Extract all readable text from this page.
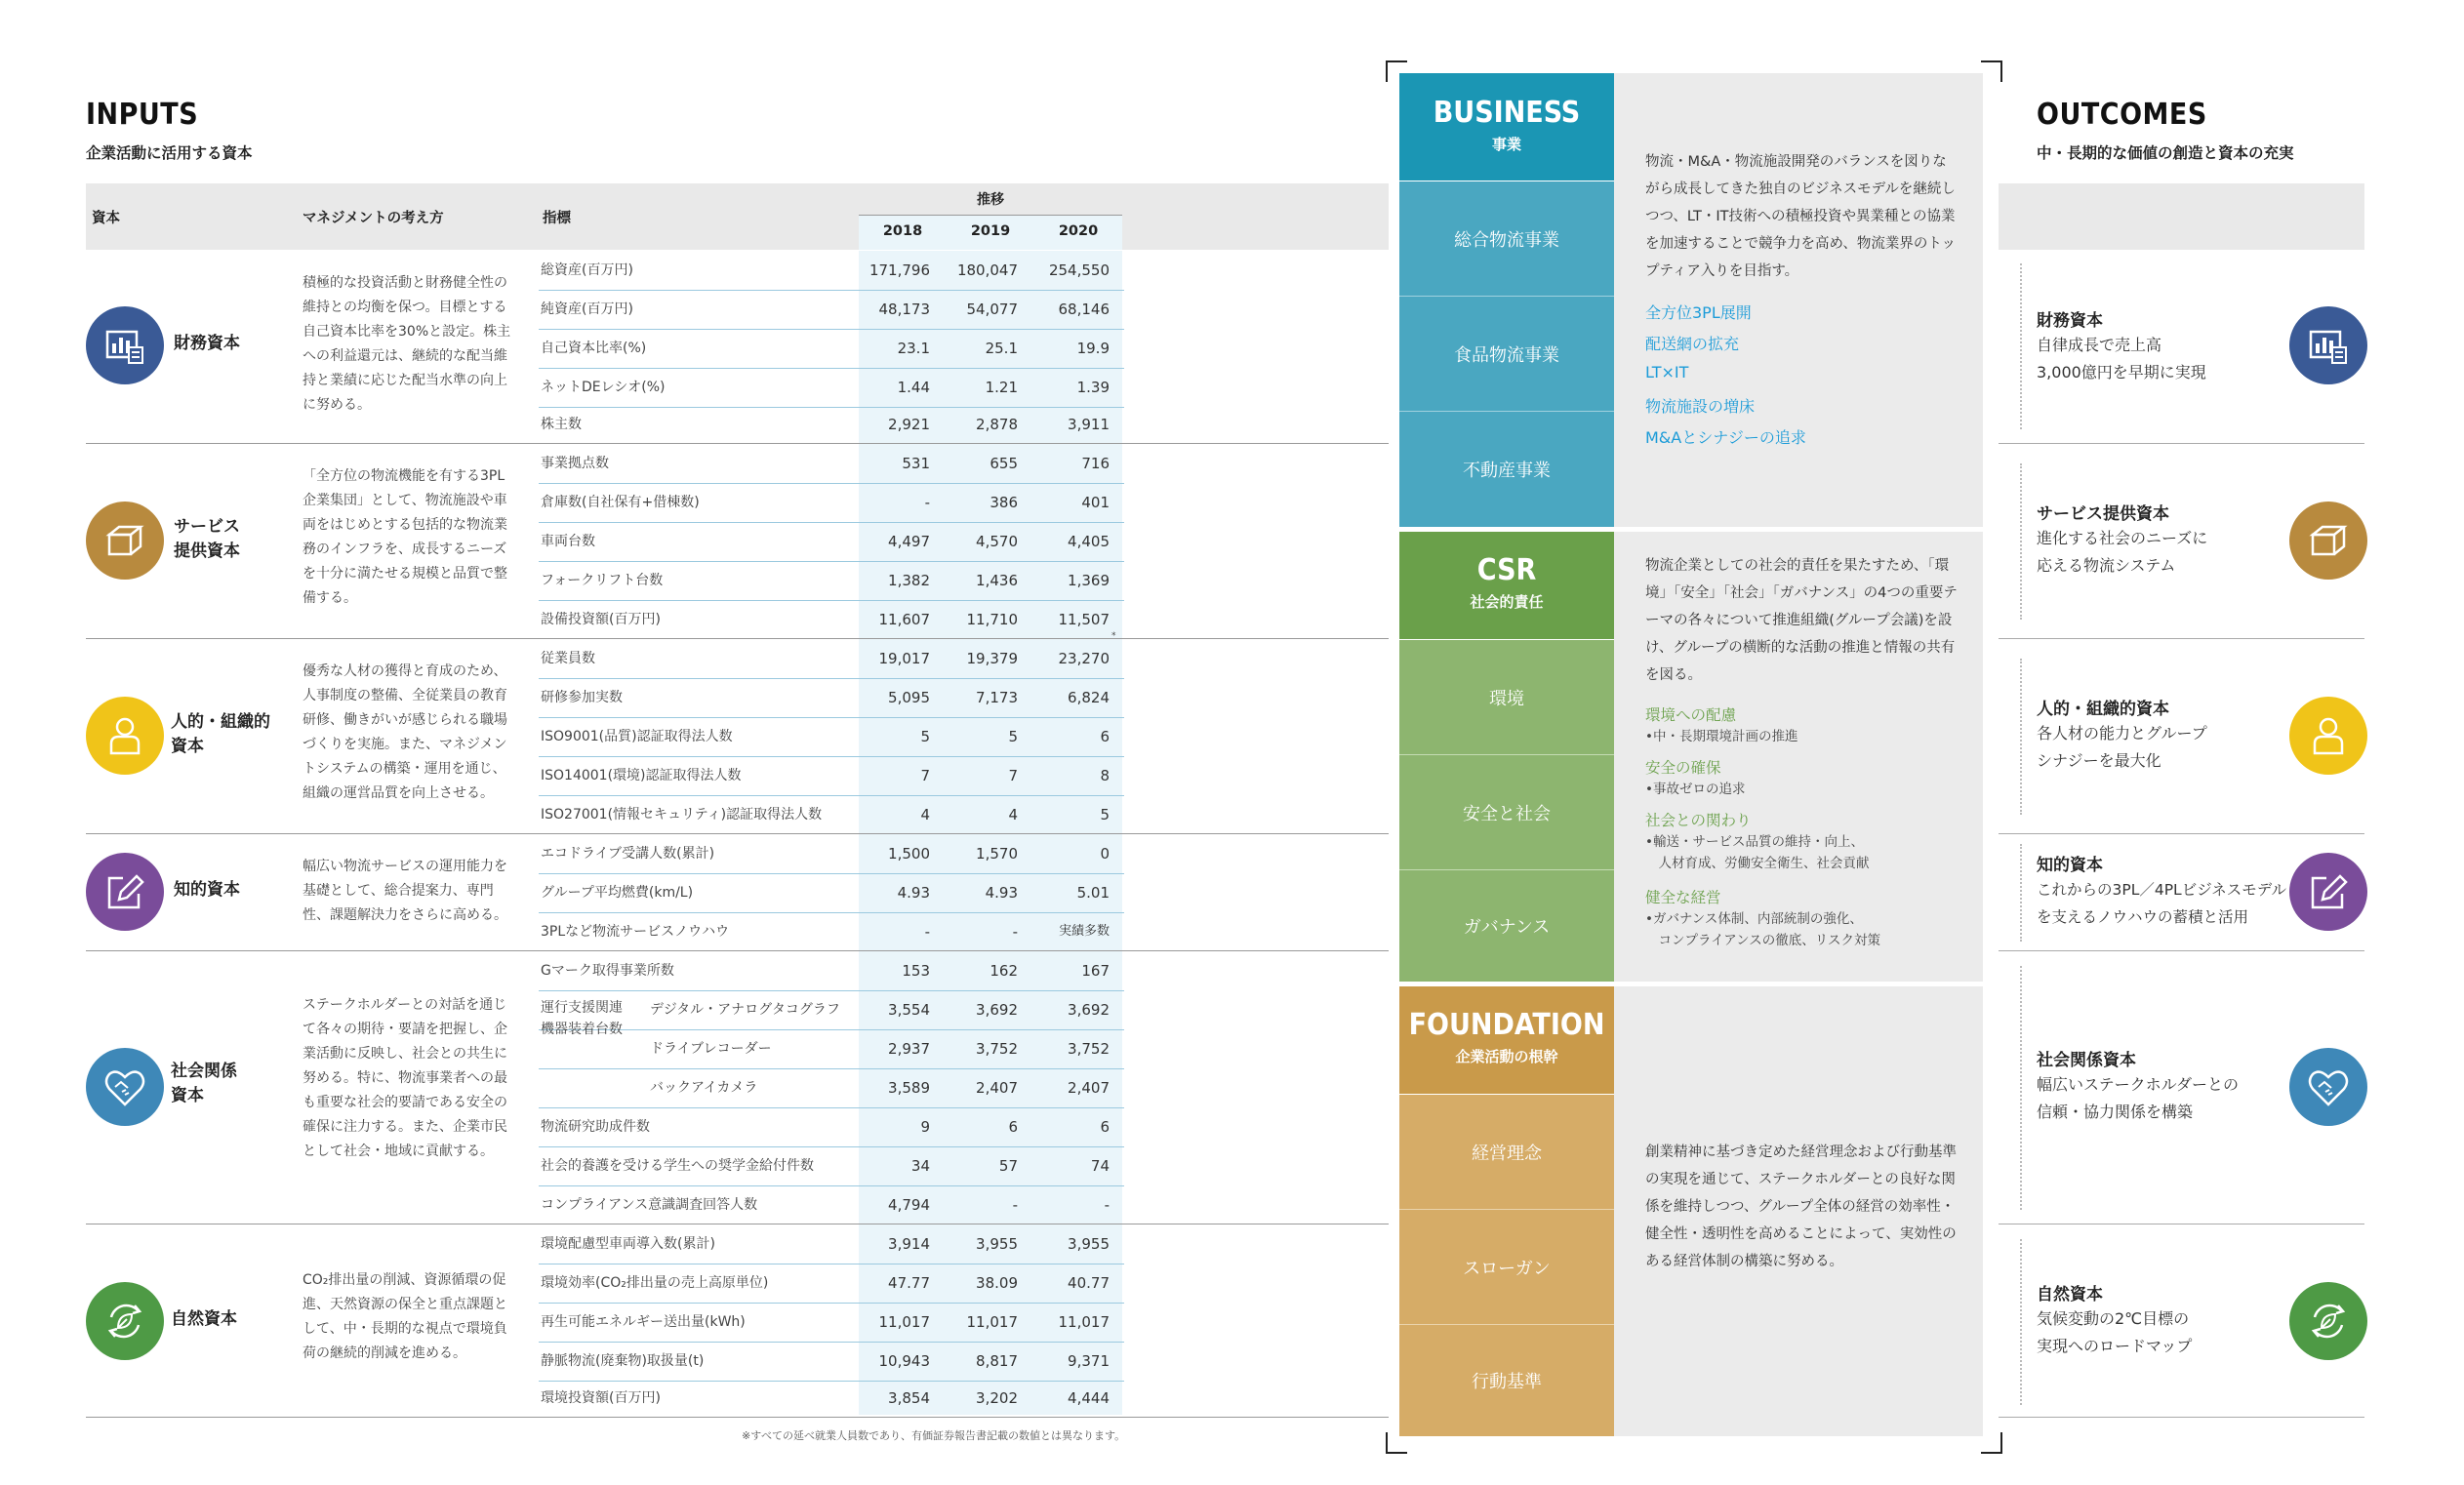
INPUTS
企業活動に活用する資本
資本	マネジメントの考え方	指標
推移
2018	2019	2020
財務資本
積極的な投資活動と財務健全性の維持との均衡を保つ。目標とする自己資本比率を30%と設定。株主への利益還元は、継続的な配当維持と業績に応じた配当水準の向上に努める。
総資産(百万円)	171,796	180,047	254,550
純資産(百万円)	48,173	54,077	68,146
自己資本比率(%)	23.1	25.1	19.9
ネットDEレシオ(%)	1.44	1.21	1.39
株主数	2,921	2,878	3,911
サービス
提供資本
「全方位の物流機能を有する3PL企業集団」として、物流施設や車両をはじめとする包括的な物流業務のインフラを、成長するニーズを十分に満たせる規模と品質で整備する。
事業拠点数	531	655	716
倉庫数(自社保有+借棟数)	-	386	401
車両台数	4,497	4,570	4,405
フォークリフト台数	1,382	1,436	1,369
設備投資額(百万円)	11,607	11,710	11,507
人的・組織的
資本
優秀な人材の獲得と育成のため、人事制度の整備、全従業員の教育研修、働きがいが感じられる職場づくりを実施。また、マネジメントシステムの構築・運用を通じ、組織の運営品質を向上させる。
従業員数	19,017	19,379	23,270
*
研修参加実数	5,095	7,173	6,824
ISO9001(品質)認証取得法人数	5	5	6
ISO14001(環境)認証取得法人数	7	7	8
ISO27001(情報セキュリティ)認証取得法人数	4	4	5
知的資本
幅広い物流サービスの運用能力を基礎として、総合提案力、専門性、課題解決力をさらに高める。
エコドライブ受講人数(累計)	1,500	1,570	0
グループ平均燃費(km/L)	4.93	4.93	5.01
3PLなど物流サービスノウハウ	-	-	実績多数
社会関係
資本
ステークホルダーとの対話を通じて各々の期待・要請を把握し、企業活動に反映し、社会との共生に努める。特に、物流事業者への最も重要な社会的要請である安全の確保に注力する。また、企業市民として社会・地域に貢献する。
Gマーク取得事業所数	153	162	167
運行支援関連
機器装着台数
デジタル・アナログタコグラフ	3,554	3,692	3,692
ドライブレコーダー	2,937	3,752	3,752
バックアイカメラ	3,589	2,407	2,407
物流研究助成件数	9	6	6
社会的養護を受ける学生への奨学金給付件数	34	57	74
コンプライアンス意識調査回答人数	4,794	-	-
自然資本
CO₂排出量の削減、資源循環の促進、天然資源の保全と重点課題として、中・長期的な視点で環境負荷の継続的削減を進める。
環境配慮型車両導入数(累計)	3,914	3,955	3,955
環境効率(CO₂排出量の売上高原単位)	47.77	38.09	40.77
再生可能エネルギー送出量(kWh)	11,017	11,017	11,017
静脈物流(廃棄物)取扱量(t)	10,943	8,817	9,371
環境投資額(百万円)	3,854	3,202	4,444
※すべての延べ就業人員数であり、有価証券報告書記載の数値とは異なります。
BUSINESS
事業
総合物流事業
食品物流事業
不動産事業
物流・M&A・物流施設開発のバランスを図りながら成長してきた独自のビジネスモデルを継続しつつ、LT・IT技術への積極投資や異業種との協業を加速することで競争力を高め、物流業界のトップティア入りを目指す。
全方位3PL展開
配送網の拡充
LT×IT
物流施設の増床
M&Aとシナジーの追求
CSR
社会的責任
環境
安全と社会
ガバナンス
物流企業としての社会的責任を果たすため、「環境」「安全」「社会」「ガバナンス」の4つの重要テーマの各々について推進組織(グループ会議)を設け、グループの横断的な活動の推進と情報の共有を図る。
環境への配慮
•中・長期環境計画の推進
安全の確保
•事故ゼロの追求
社会との関わり
•輸送・サービス品質の維持・向上、
　人材育成、労働安全衛生、社会貢献
健全な経営
•ガバナンス体制、内部統制の強化、
　コンプライアンスの徹底、リスク対策
FOUNDATION
企業活動の根幹
経営理念
スローガン
行動基準
創業精神に基づき定めた経営理念および行動基準の実現を通じて、ステークホルダーとの良好な関係を維持しつつ、グループ全体の経営の効率性・健全性・透明性を高めることによって、実効性のある経営体制の構築に努める。
OUTCOMES
中・長期的な価値の創造と資本の充実
財務資本
自律成長で売上高
3,000億円を早期に実現
サービス提供資本
進化する社会のニーズに
応える物流システム
人的・組織的資本
各人材の能力とグループ
シナジーを最大化
知的資本
これからの3PL／4PLビジネスモデル
を支えるノウハウの蓄積と活用
社会関係資本
幅広いステークホルダーとの
信頼・協力関係を構築
自然資本
気候変動の2℃目標の
実現へのロードマップ
